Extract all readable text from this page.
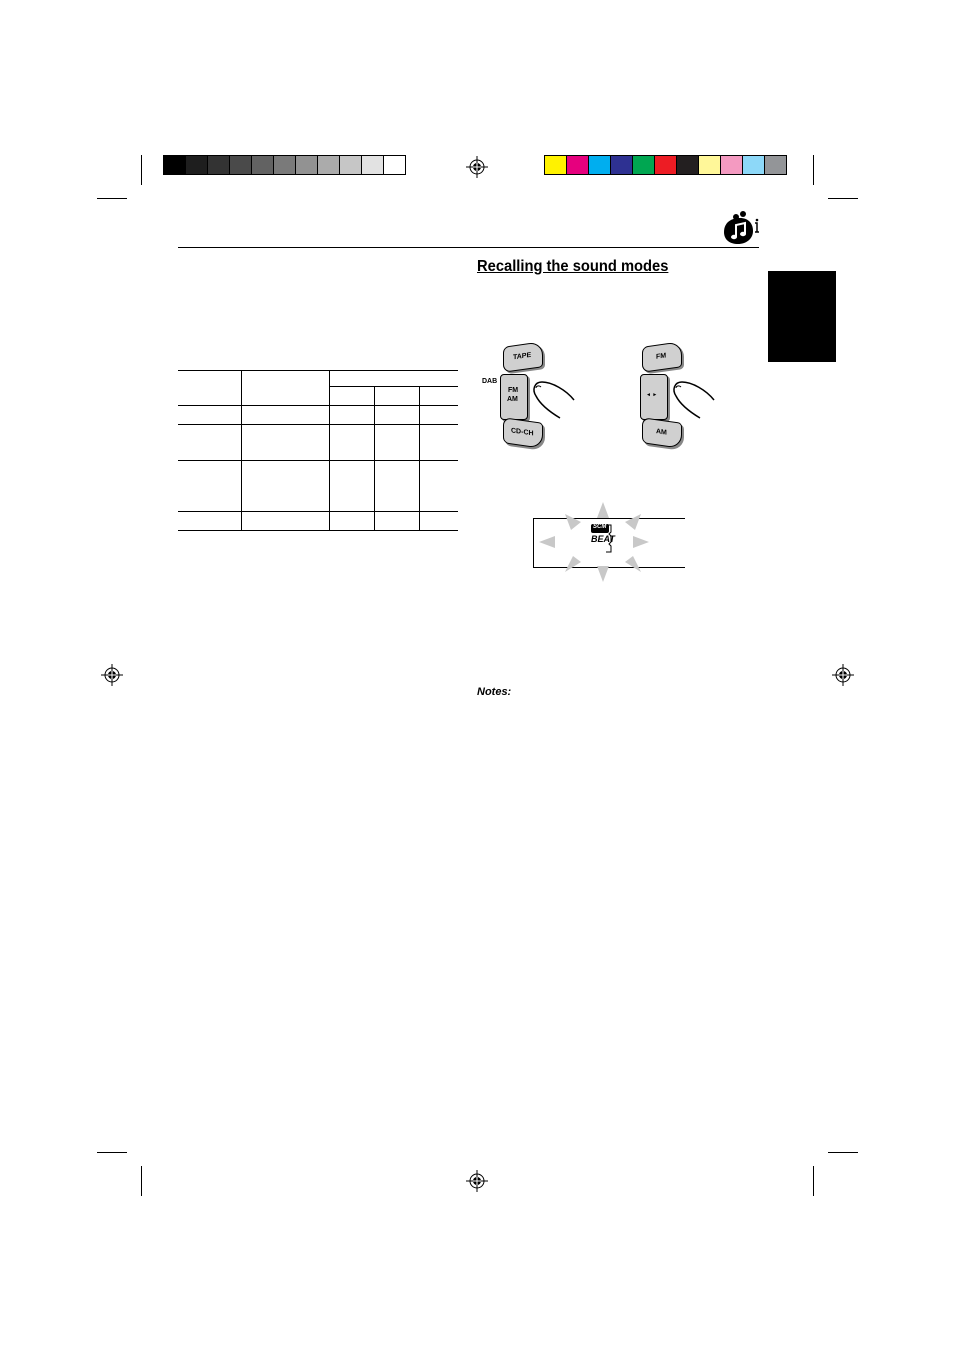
Recalling the sound modes
DAB
TAPE
FM
AM
CD-CH
FM
◄ ►
AM
SCM
BEAT
Notes:
